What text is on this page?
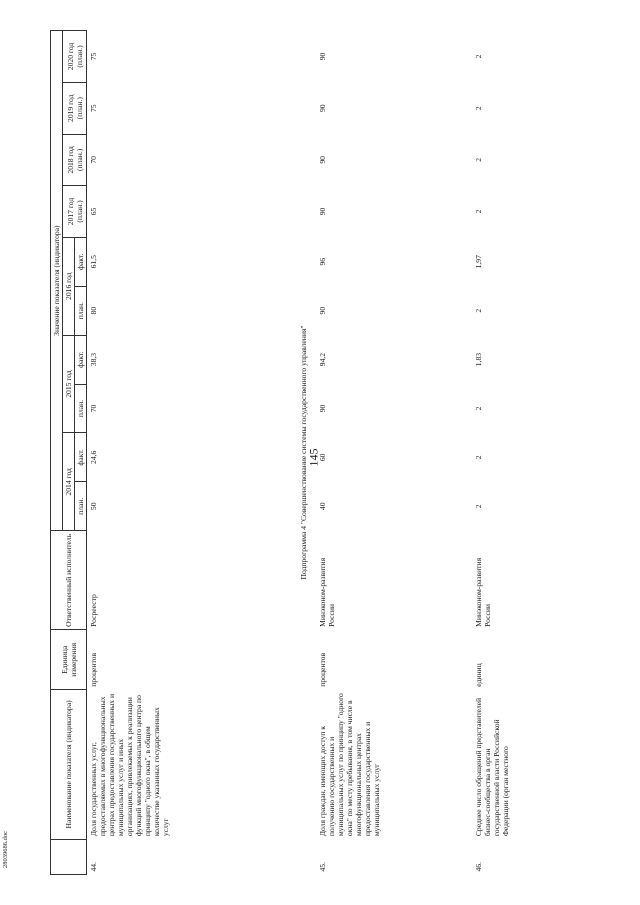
145
28039686.doc
	Наименование показателя (индикатора)	Единица измерения	Ответственный исполнитель	Значение показателя (индикатора)									
				2014 год		2015 год		2016 год		2017 год (план.)	2018 год (план.)	2019 год (план.)	2020 год (план.)
				план.	факт.	план.	факт.	план.	факт.				
44.	Доля государственных услуг, предоставляемых в многофункциональных центрах предоставления государственных и муниципальных услуг и иных организациях, привлекаемых к реализации функций многофункционального центра по принципу "одного окна", в общем количестве указанных государственных услуг	процентов	Росреестр	50	24,6	70	38,3	80	61,5	65	70	75	75
Подпрограмма 4 "Совершенствование системы государственного управления"													
45.	Доля граждан, имеющих доступ к получению государственных и муниципальных услуг по принципу "одного окна" по месту пребывания, в том числе в многофункциональных центрах предоставления государственных и муниципальных услуг	процентов	Минэконом-развития России	40	60	90	94,2	90	96	90	90	90	90
46.	Среднее число обращений представителей бизнес-сообщества в орган государственной власти Российской Федерации (орган местного	единиц	Минэконом-развития России	2	2	2	1,83	2	1,97	2	2	2	2
